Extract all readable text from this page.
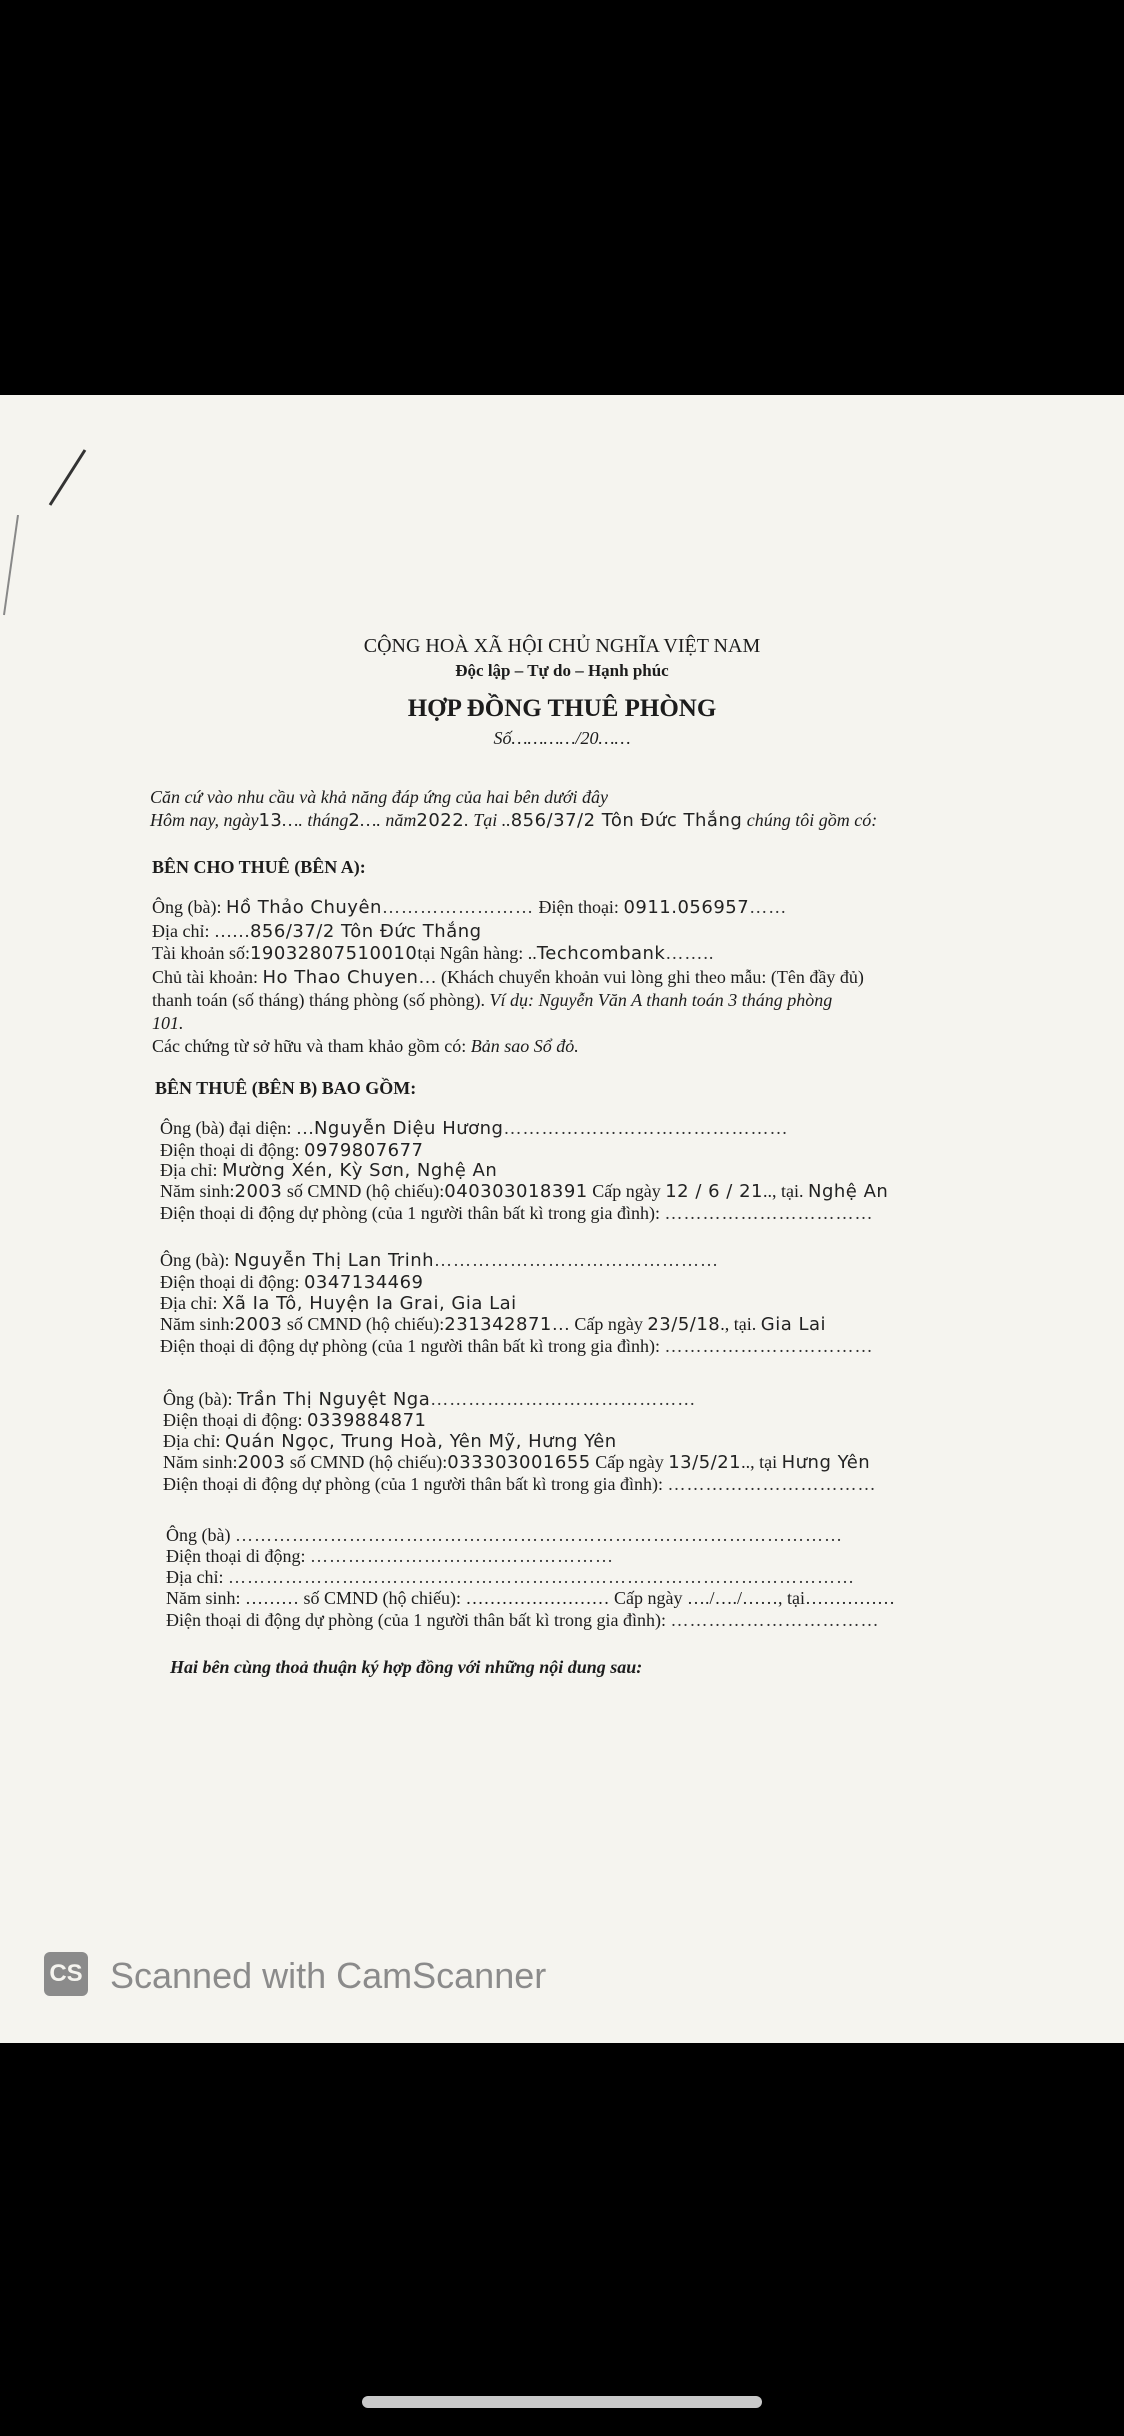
CỘNG HOÀ XÃ HỘI CHỦ NGHĨA VIỆT NAM
Độc lập – Tự do – Hạnh phúc
HỢP ĐỒNG THUÊ PHÒNG
Số…………/20……
Căn cứ vào nhu cầu và khả năng đáp ứng của hai bên dưới đây
Hôm nay, ngày13…. tháng2…. năm2022. Tại ..856/37/2 Tôn Đức Thắng chúng tôi gồm có:
BÊN CHO THUÊ (BÊN A):
Ông (bà): Hồ Thảo Chuyên…………………… Điện thoại: 0911.056957……
Địa chỉ: ……856/37/2 Tôn Đức Thắng
Tài khoản số:19032807510010tại Ngân hàng: ..Techcombank……..
Chủ tài khoản: Ho Thao Chuyen… (Khách chuyển khoản vui lòng ghi theo mẫu: (Tên đầy đủ)
thanh toán (số tháng) tháng phòng (số phòng). Ví dụ: Nguyễn Văn A thanh toán 3 tháng phòng
101.
Các chứng từ sở hữu và tham khảo gồm có: Bản sao Sổ đỏ.
BÊN THUÊ (BÊN B) BAO GỒM:
Ông (bà) đại diện: …Nguyễn Diệu Hương………………………………………
Điện thoại di động: 0979807677
Địa chỉ: Mường Xén, Kỳ Sơn, Nghệ An
Năm sinh:2003 số CMND (hộ chiếu):040303018391 Cấp ngày 12 / 6 / 21.., tại. Nghệ An
Điện thoại di động dự phòng (của 1 người thân bất kì trong gia đình): ……………………………
Ông (bà): Nguyễn Thị Lan Trinh………………………………………
Điện thoại di động: 0347134469
Địa chỉ: Xã Ia Tô, Huyện Ia Grai, Gia Lai
Năm sinh:2003 số CMND (hộ chiếu):231342871… Cấp ngày 23/5/18., tại. Gia Lai
Điện thoại di động dự phòng (của 1 người thân bất kì trong gia đình): ……………………………
Ông (bà): Trần Thị Nguyệt Nga……………………………………
Điện thoại di động: 0339884871
Địa chỉ: Quán Ngọc, Trung Hoà, Yên Mỹ, Hưng Yên
Năm sinh:2003 số CMND (hộ chiếu):033303001655 Cấp ngày 13/5/21.., tại Hưng Yên
Điện thoại di động dự phòng (của 1 người thân bất kì trong gia đình): ……………………………
Ông (bà) ……………………………………………………………………………………
Điện thoại di động: …………………………………………
Địa chỉ: ………………………………………………………………………………………
Năm sinh: ……… số CMND (hộ chiếu): …………………… Cấp ngày …./…./……, tại……………
Điện thoại di động dự phòng (của 1 người thân bất kì trong gia đình): ……………………………
Hai bên cùng thoả thuận ký hợp đồng với những nội dung sau:
CS Scanned with CamScanner
